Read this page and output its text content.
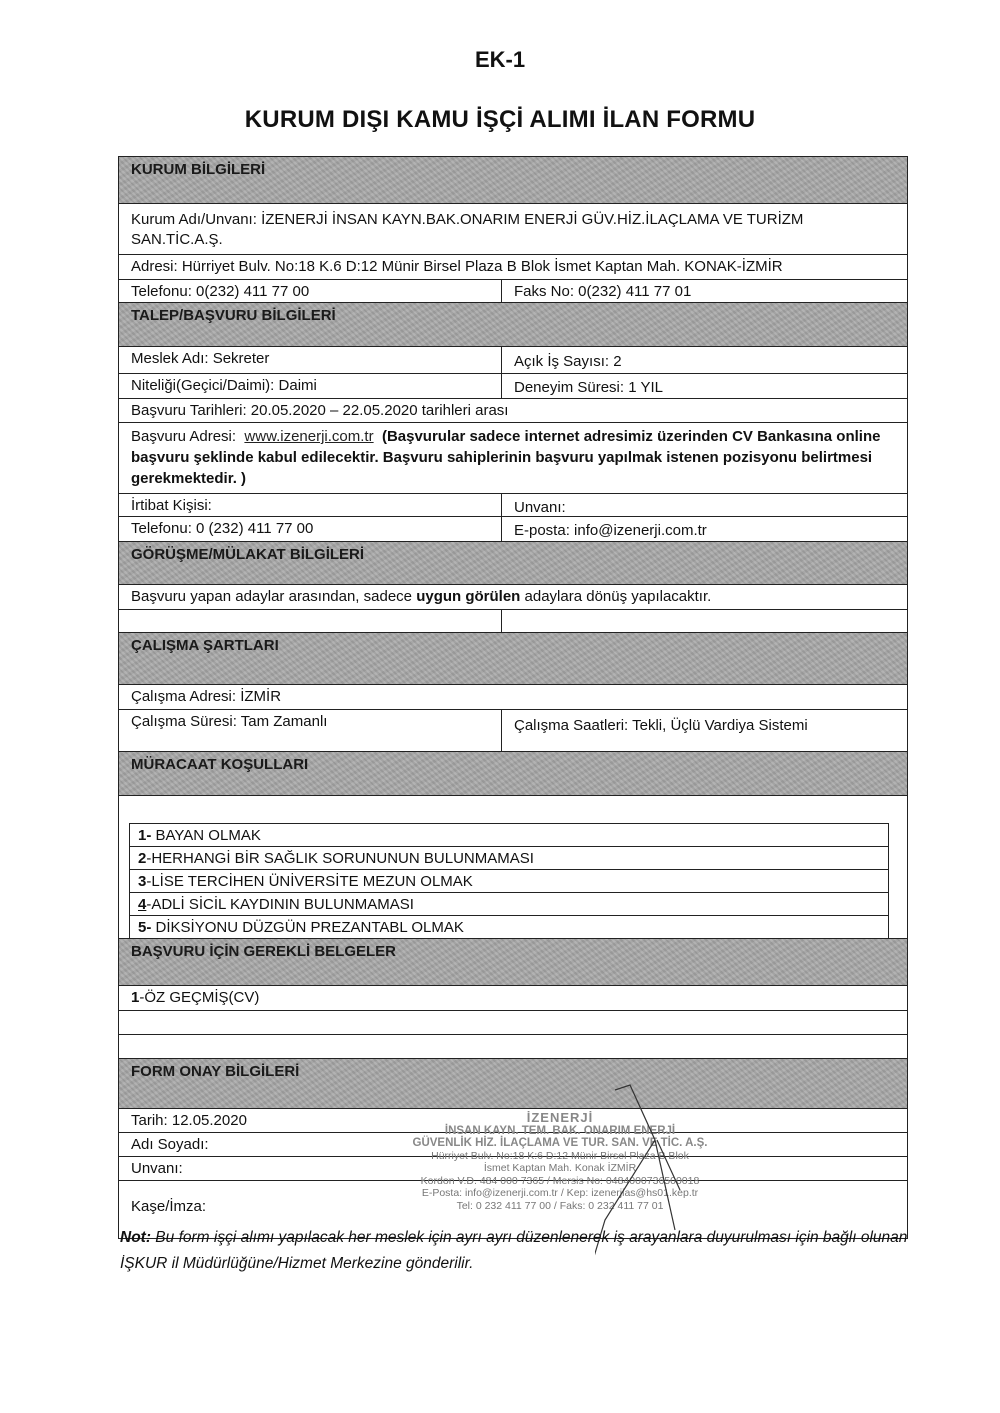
EK-1
KURUM DIŞI KAMU İŞÇİ ALIMI İLAN FORMU
KURUM BİLGİLERİ
Kurum Adı/Unvanı: İZENERJİ İNSAN KAYN.BAK.ONARIM ENERJİ GÜV.HİZ.İLAÇLAMA VE TURİZM SAN.TİC.A.Ş.
Adresi: Hürriyet Bulv. No:18 K.6 D:12 Münir Birsel Plaza B Blok İsmet Kaptan Mah. KONAK-İZMİR
Telefonu: 0(232) 411 77 00	Faks No: 0(232) 411 77 01
TALEP/BAŞVURU BİLGİLERİ
Meslek Adı: Sekreter	Açık İş Sayısı: 2
Niteliği(Geçici/Daimi): Daimi	Deneyim Süresi: 1 YIL
Başvuru Tarihleri: 20.05.2020 – 22.05.2020 tarihleri arası
Başvuru Adresi: www.izenerji.com.tr (Başvurular sadece internet adresimiz üzerinden CV Bankasına online başvuru şeklinde kabul edilecektir. Başvuru sahiplerinin başvuru yapılmak istenen pozisyonu belirtmesi gerekmektedir. )
İrtibat Kişisi:	Unvanı:
Telefonu: 0 (232) 411 77 00	E-posta: info@izenerji.com.tr
GÖRÜŞME/MÜLAKAT BİLGİLERİ
Başvuru yapan adaylar arasından, sadece uygun görülen adaylara dönüş yapılacaktır.
ÇALIŞMA ŞARTLARI
Çalışma Adresi: İZMİR
Çalışma Süresi: Tam Zamanlı	Çalışma Saatleri: Tekli, Üçlü Vardiya Sistemi
MÜRACAAT KOŞULLARI
1- BAYAN OLMAK
2-HERHANGİ BİR SAĞLIK SORUNUNUN BULUNMAMASI
3-LİSE TERCİHEN ÜNİVERSİTE MEZUN OLMAK
4-ADLİ SİCİL KAYDININ BULUNMAMASI
5- DİKSİYONU DÜZGÜN PREZANTABL OLMAK
BAŞVURU İÇİN GEREKLİ BELGELER
1-ÖZ GEÇMİŞ(CV)
FORM ONAY BİLGİLERİ
Tarih: 12.05.2020
Adı Soyadı:
Unvanı:
Kaşe/İmza:
İZENERJİ
İNSAN KAYN. TEM. BAK. ONARIM ENERJİ
GÜVENLİK HİZ. İLAÇLAMA VE TUR. SAN. VE TİC. A.Ş.
Hürriyet Bulv. No:18 K:6 D:12 Münir Birsel Plaza B Blok
İsmet Kaptan Mah. Konak İZMİR
Kordon V.D. 484 000 7365 / Mersis No: 0484000736500018
E-Posta: info@izenerji.com.tr / Kep: izenerjias@hs01.kep.tr
Tel: 0 232 411 77 00 / Faks: 0 232 411 77 01
Not: Bu form işçi alımı yapılacak her meslek için ayrı ayrı düzenlenerek iş arayanlara duyurulması için bağlı olunan İŞKUR il Müdürlüğüne/Hizmet Merkezine gönderilir.
